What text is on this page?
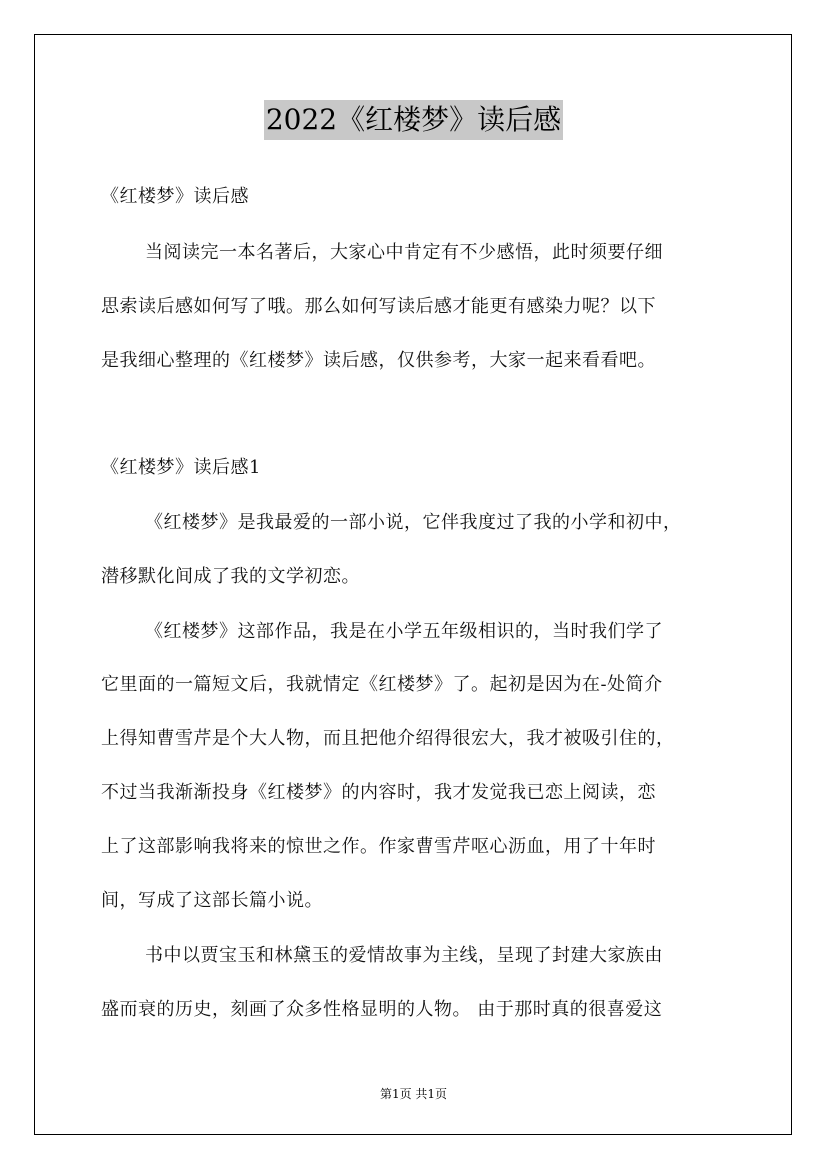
2022《红楼梦》读后感
《红楼梦》读后感
当阅读完一本名著后，大家心中肯定有不少感悟，此时须要仔细
思索读后感如何写了哦。那么如何写读后感才能更有感染力呢？以下
是我细心整理的《红楼梦》读后感，仅供参考，大家一起来看看吧。
《红楼梦》读后感1
《红楼梦》是我最爱的一部小说，它伴我度过了我的小学和初中，
潜移默化间成了我的文学初恋。
《红楼梦》这部作品，我是在小学五年级相识的，当时我们学了
它里面的一篇短文后，我就情定《红楼梦》了。起初是因为在-处简介
上得知曹雪芹是个大人物，而且把他介绍得很宏大，我才被吸引住的，
不过当我渐渐投身《红楼梦》的内容时，我才发觉我已恋上阅读，恋
上了这部影响我将来的惊世之作。作家曹雪芹呕心沥血，用了十年时
间，写成了这部长篇小说。
书中以贾宝玉和林黛玉的爱情故事为主线，呈现了封建大家族由
盛而衰的历史，刻画了众多性格显明的人物。 由于那时真的很喜爱这
第1页 共1页
